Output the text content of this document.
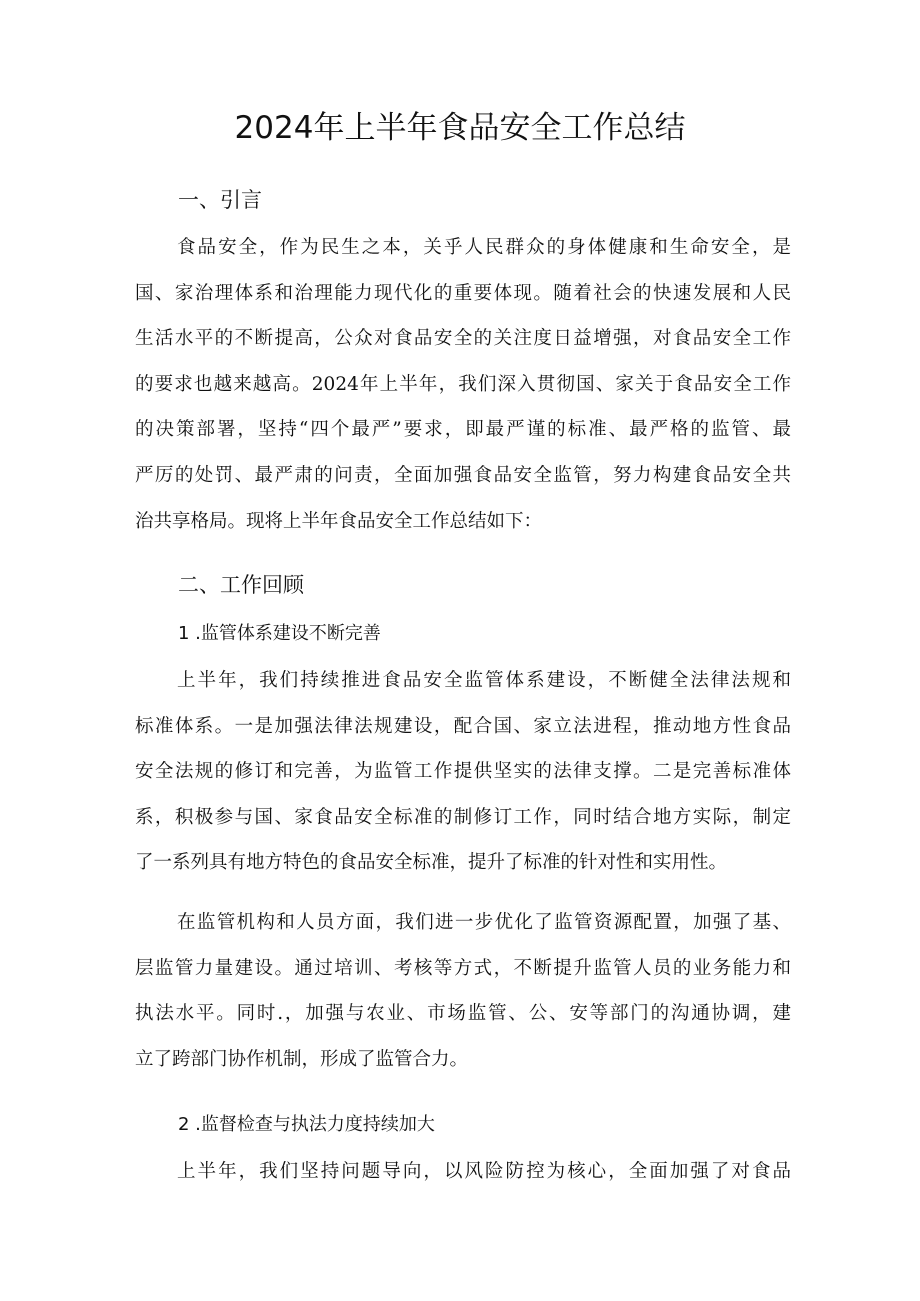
2024年上半年食品安全工作总结
一、引言
食品安全，作为民生之本，关乎人民群众的身体健康和生命安全，是
国、家治理体系和治理能力现代化的重要体现。随着社会的快速发展和人民
生活水平的不断提高，公众对食品安全的关注度日益增强，对食品安全工作
的要求也越来越高。2024年上半年，我们深入贯彻国、家关于食品安全工作
的决策部署，坚持“四个最严”要求，即最严谨的标准、最严格的监管、最
严厉的处罚、最严肃的问责，全面加强食品安全监管，努力构建食品安全共
治共享格局。现将上半年食品安全工作总结如下：
二、工作回顾
1 .监管体系建设不断完善
上半年，我们持续推进食品安全监管体系建设，不断健全法律法规和
标准体系。一是加强法律法规建设，配合国、家立法进程，推动地方性食品
安全法规的修订和完善，为监管工作提供坚实的法律支撑。二是完善标准体
系，积极参与国、家食品安全标准的制修订工作，同时结合地方实际，制定
了一系列具有地方特色的食品安全标准，提升了标准的针对性和实用性。
在监管机构和人员方面，我们进一步优化了监管资源配置，加强了基、
层监管力量建设。通过培训、考核等方式，不断提升监管人员的业务能力和
执法水平。同时.，加强与农业、市场监管、公、安等部门的沟通协调，建
立了跨部门协作机制，形成了监管合力。
2 .监督检查与执法力度持续加大
上半年，我们坚持问题导向，以风险防控为核心，全面加强了对食品
